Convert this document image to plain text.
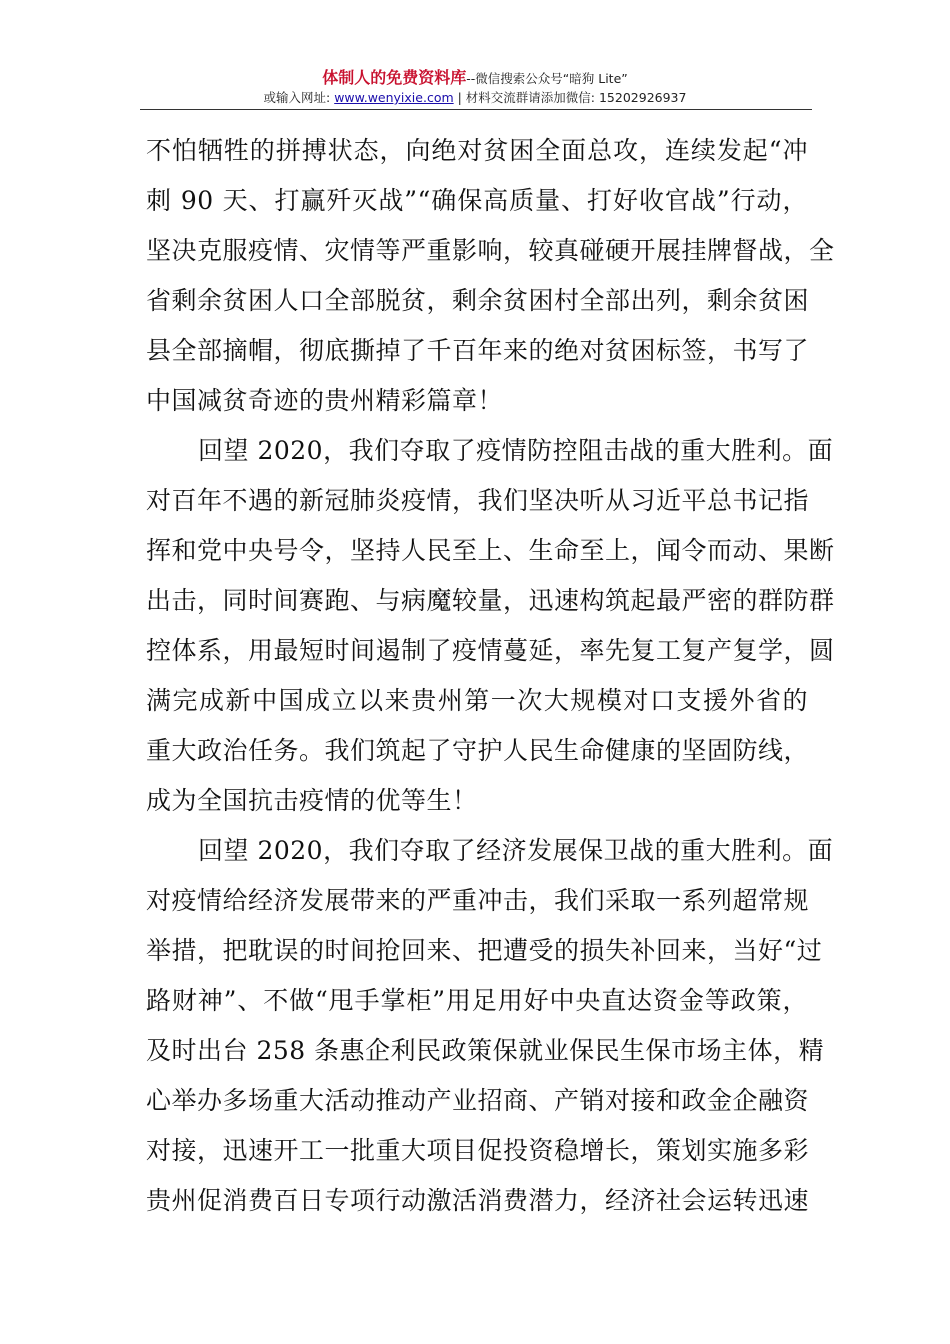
体制人的免费资料库--微信搜索公众号“暗狗 Lite”
或输入网址: www.wenyixie.com | 材料交流群请添加微信: 15202926937
不怕牺牲的拼搏状态，向绝对贫困全面总攻，连续发起“冲
刺 90 天、打赢歼灭战”“确保高质量、打好收官战”行动，
坚决克服疫情、灾情等严重影响，较真碰硬开展挂牌督战，全
省剩余贫困人口全部脱贫，剩余贫困村全部出列，剩余贫困
县全部摘帽，彻底撕掉了千百年来的绝对贫困标签，书写了
中国减贫奇迹的贵州精彩篇章！
回望 2020，我们夺取了疫情防控阻击战的重大胜利。面
对百年不遇的新冠肺炎疫情，我们坚决听从习近平总书记指
挥和党中央号令，坚持人民至上、生命至上，闻令而动、果断
出击，同时间赛跑、与病魔较量，迅速构筑起最严密的群防群
控体系，用最短时间遏制了疫情蔓延，率先复工复产复学，圆
满完成新中国成立以来贵州第一次大规模对口支援外省的
重大政治任务。我们筑起了守护人民生命健康的坚固防线，
成为全国抗击疫情的优等生！
回望 2020，我们夺取了经济发展保卫战的重大胜利。面
对疫情给经济发展带来的严重冲击，我们采取一系列超常规
举措，把耽误的时间抢回来、把遭受的损失补回来，当好“过
路财神”、不做“甩手掌柜”用足用好中央直达资金等政策，
及时出台 258 条惠企利民政策保就业保民生保市场主体，精
心举办多场重大活动推动产业招商、产销对接和政金企融资
对接，迅速开工一批重大项目促投资稳增长，策划实施多彩
贵州促消费百日专项行动激活消费潜力，经济社会运转迅速
